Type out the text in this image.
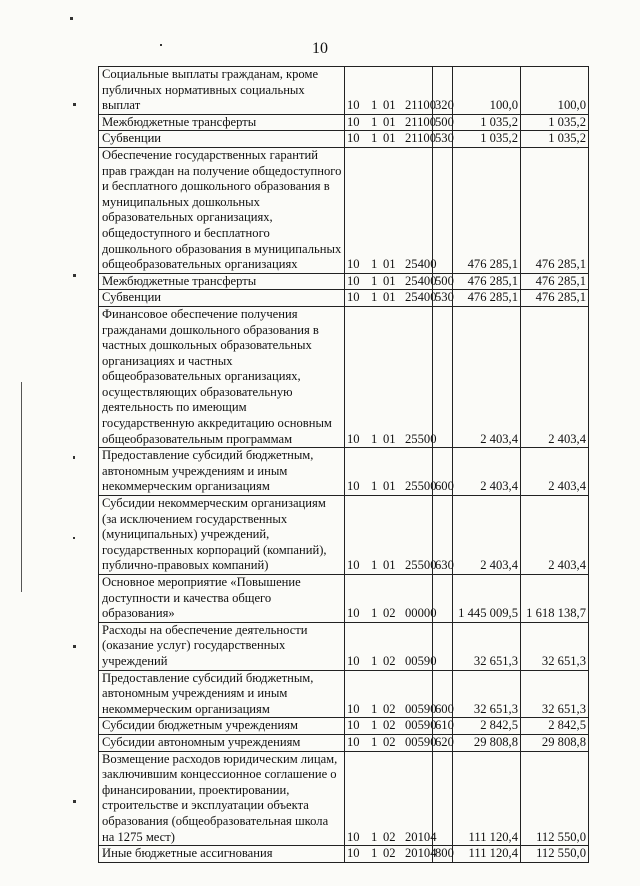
10
Социальные выплаты гражданам, кроме публичных нормативных социальных выплат	10 1 01 21100	320	100,0	100,0
Межбюджетные трансферты	10 1 01 21100	500	1 035,2	1 035,2
Субвенции	10 1 01 21100	530	1 035,2	1 035,2
Обеспечение государственных гарантий прав граждан на получение общедоступного и бесплатного дошкольного образования в муниципальных дошкольных образовательных организациях, общедоступного и бесплатного дошкольного образования в муниципальных общеобразовательных организациях	10 1 01 25400		476 285,1	476 285,1
Межбюджетные трансферты	10 1 01 25400	500	476 285,1	476 285,1
Субвенции	10 1 01 25400	530	476 285,1	476 285,1
Финансовое обеспечение получения гражданами дошкольного образования в частных дошкольных образовательных организациях и частных общеобразовательных организациях, осуществляющих образовательную деятельность по имеющим государственную аккредитацию основным общеобразовательным программам	10 1 01 25500		2 403,4	2 403,4
Предоставление субсидий бюджетным, автономным учреждениям и иным некоммерческим организациям	10 1 01 25500	600	2 403,4	2 403,4
Субсидии некоммерческим организациям (за исключением государственных (муниципальных) учреждений, государственных корпораций (компаний), публично-правовых компаний)	10 1 01 25500	630	2 403,4	2 403,4
Основное мероприятие «Повышение доступности и качества общего образования»	10 1 02 00000		1 445 009,5	1 618 138,7
Расходы на обеспечение деятельности (оказание услуг) государственных учреждений	10 1 02 00590		32 651,3	32 651,3
Предоставление субсидий бюджетным, автономным учреждениям и иным некоммерческим организациям	10 1 02 00590	600	32 651,3	32 651,3
Субсидии бюджетным учреждениям	10 1 02 00590	610	2 842,5	2 842,5
Субсидии автономным учреждениям	10 1 02 00590	620	29 808,8	29 808,8
Возмещение расходов юридическим лицам, заключившим концессионное соглашение о финансировании, проектировании, строительстве и эксплуатации объекта образования (общеобразовательная школа на 1275 мест)	10 1 02 20104		111 120,4	112 550,0
Иные бюджетные ассигнования	10 1 02 20104	800	111 120,4	112 550,0
